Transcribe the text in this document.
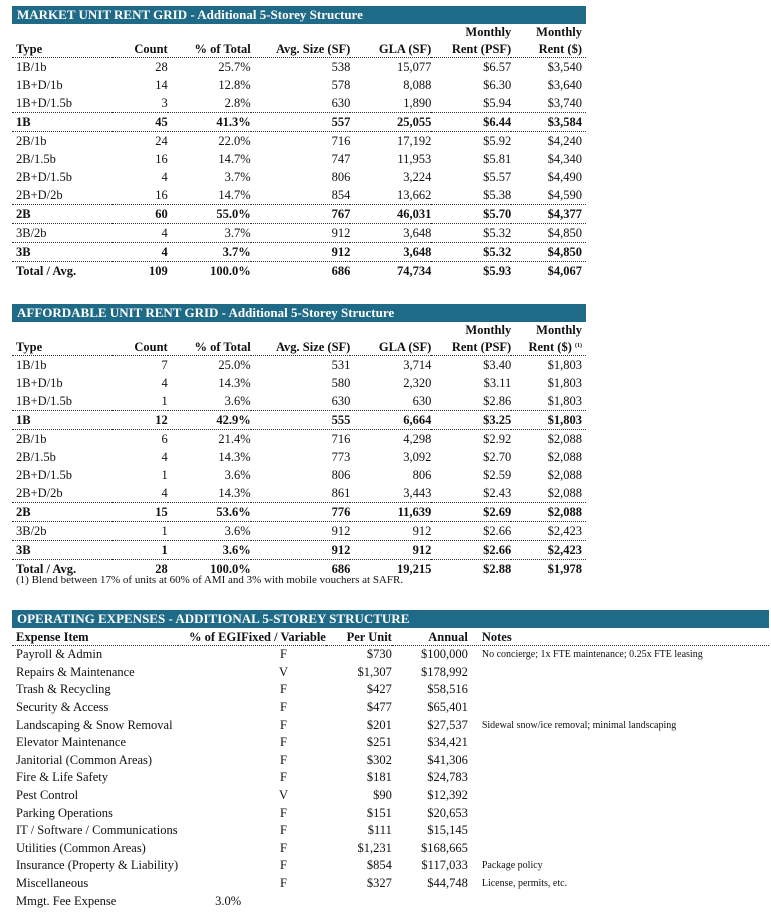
MARKET UNIT RENT GRID - Additional 5-Storey Structure
					Monthly	Monthly
Type	Count	% of Total	Avg. Size (SF)	GLA (SF)	Rent (PSF)	Rent ($)
1B/1b	28	25.7%	538	15,077	$6.57	$3,540
1B+D/1b	14	12.8%	578	8,088	$6.30	$3,640
1B+D/1.5b	3	2.8%	630	1,890	$5.94	$3,740
1B	45	41.3%	557	25,055	$6.44	$3,584
2B/1b	24	22.0%	716	17,192	$5.92	$4,240
2B/1.5b	16	14.7%	747	11,953	$5.81	$4,340
2B+D/1.5b	4	3.7%	806	3,224	$5.57	$4,490
2B+D/2b	16	14.7%	854	13,662	$5.38	$4,590
2B	60	55.0%	767	46,031	$5.70	$4,377
3B/2b	4	3.7%	912	3,648	$5.32	$4,850
3B	4	3.7%	912	3,648	$5.32	$4,850
Total / Avg.	109	100.0%	686	74,734	$5.93	$4,067
AFFORDABLE UNIT RENT GRID - Additional 5-Storey Structure
					Monthly	Monthly
Type	Count	% of Total	Avg. Size (SF)	GLA (SF)	Rent (PSF)	Rent ($) $^{(1)}$
1B/1b	7	25.0%	531	3,714	$3.40	$1,803
1B+D/1b	4	14.3%	580	2,320	$3.11	$1,803
1B+D/1.5b	1	3.6%	630	630	$2.86	$1,803
1B	12	42.9%	555	6,664	$3.25	$1,803
2B/1b	6	21.4%	716	4,298	$2.92	$2,088
2B/1.5b	4	14.3%	773	3,092	$2.70	$2,088
2B+D/1.5b	1	3.6%	806	806	$2.59	$2,088
2B+D/2b	4	14.3%	861	3,443	$2.43	$2,088
2B	15	53.6%	776	11,639	$2.69	$2,088
3B/2b	1	3.6%	912	912	$2.66	$2,423
3B	1	3.6%	912	912	$2.66	$2,423
Total / Avg.	28	100.0%	686	19,215	$2.88	$1,978
(1) Blend between 17% of units at 60% of AMI and 3% with mobile vouchers at SAFR.
OPERATING EXPENSES - ADDITIONAL 5-STOREY STRUCTURE
Expense Item	% of EGI	Fixed / Variable	Per Unit	Annual	Notes
Payroll & Admin		F	$730	$100,000	No concierge; 1x FTE maintenance; 0.25x FTE leasing
Repairs & Maintenance		V	$1,307	$178,992	
Trash & Recycling		F	$427	$58,516	
Security & Access		F	$477	$65,401	
Landscaping & Snow Removal		F	$201	$27,537	Sidewal snow/ice removal; minimal landscaping
Elevator Maintenance		F	$251	$34,421	
Janitorial (Common Areas)		F	$302	$41,306	
Fire & Life Safety		F	$181	$24,783	
Pest Control		V	$90	$12,392	
Parking Operations		F	$151	$20,653	
IT / Software / Communications		F	$111	$15,145	
Utilities (Common Areas)		F	$1,231	$168,665	
Insurance (Property & Liability)		F	$854	$117,033	Package policy
Miscellaneous		F	$327	$44,748	License, permits, etc.
Mmgt. Fee Expense	3.0%				
